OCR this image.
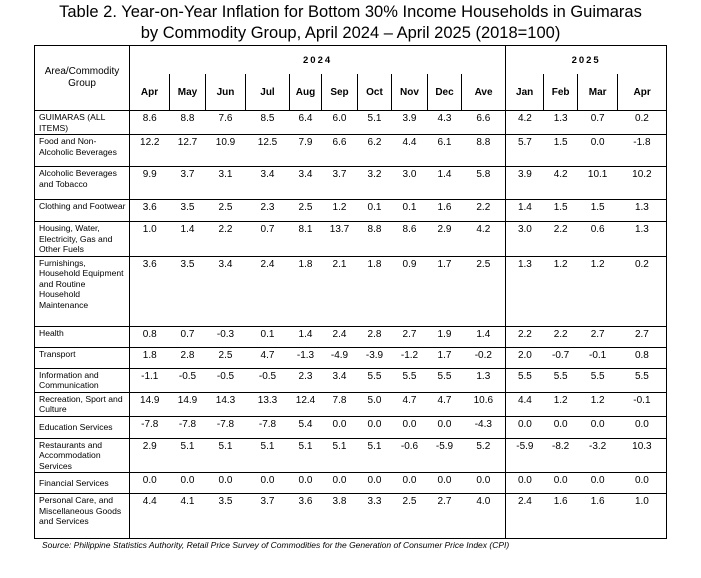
Table 2. Year-on-Year Inflation for Bottom 30% Income Households in Guimaras
by Commodity Group, April 2024 – April 2025 (2018=100)
Area/Commodity Group	2024										2025			
	Apr	May	Jun	Jul	Aug	Sep	Oct	Nov	Dec	Ave	Jan	Feb	Mar	Apr
GUIMARAS (ALL ITEMS)	8.6	8.8	7.6	8.5	6.4	6.0	5.1	3.9	4.3	6.6	4.2	1.3	0.7	0.2
Food and Non-Alcoholic Beverages	12.2	12.7	10.9	12.5	7.9	6.6	6.2	4.4	6.1	8.8	5.7	1.5	0.0	-1.8
Alcoholic Beverages and Tobacco	9.9	3.7	3.1	3.4	3.4	3.7	3.2	3.0	1.4	5.8	3.9	4.2	10.1	10.2
Clothing and Footwear	3.6	3.5	2.5	2.3	2.5	1.2	0.1	0.1	1.6	2.2	1.4	1.5	1.5	1.3
Housing, Water, Electricity, Gas and Other Fuels	1.0	1.4	2.2	0.7	8.1	13.7	8.8	8.6	2.9	4.2	3.0	2.2	0.6	1.3
Furnishings, Household Equipment and Routine Household Maintenance	3.6	3.5	3.4	2.4	1.8	2.1	1.8	0.9	1.7	2.5	1.3	1.2	1.2	0.2
Health	0.8	0.7	-0.3	0.1	1.4	2.4	2.8	2.7	1.9	1.4	2.2	2.2	2.7	2.7
Transport	1.8	2.8	2.5	4.7	-1.3	-4.9	-3.9	-1.2	1.7	-0.2	2.0	-0.7	-0.1	0.8
Information and Communication	-1.1	-0.5	-0.5	-0.5	2.3	3.4	5.5	5.5	5.5	1.3	5.5	5.5	5.5	5.5
Recreation, Sport and Culture	14.9	14.9	14.3	13.3	12.4	7.8	5.0	4.7	4.7	10.6	4.4	1.2	1.2	-0.1
Education Services	-7.8	-7.8	-7.8	-7.8	5.4	0.0	0.0	0.0	0.0	-4.3	0.0	0.0	0.0	0.0
Restaurants and Accommodation Services	2.9	5.1	5.1	5.1	5.1	5.1	5.1	-0.6	-5.9	5.2	-5.9	-8.2	-3.2	10.3
Financial Services	0.0	0.0	0.0	0.0	0.0	0.0	0.0	0.0	0.0	0.0	0.0	0.0	0.0	0.0
Personal Care, and Miscellaneous Goods and Services	4.4	4.1	3.5	3.7	3.6	3.8	3.3	2.5	2.7	4.0	2.4	1.6	1.6	1.0
Source: Philippine Statistics Authority, Retail Price Survey of Commodities for the Generation of Consumer Price Index (CPI)
